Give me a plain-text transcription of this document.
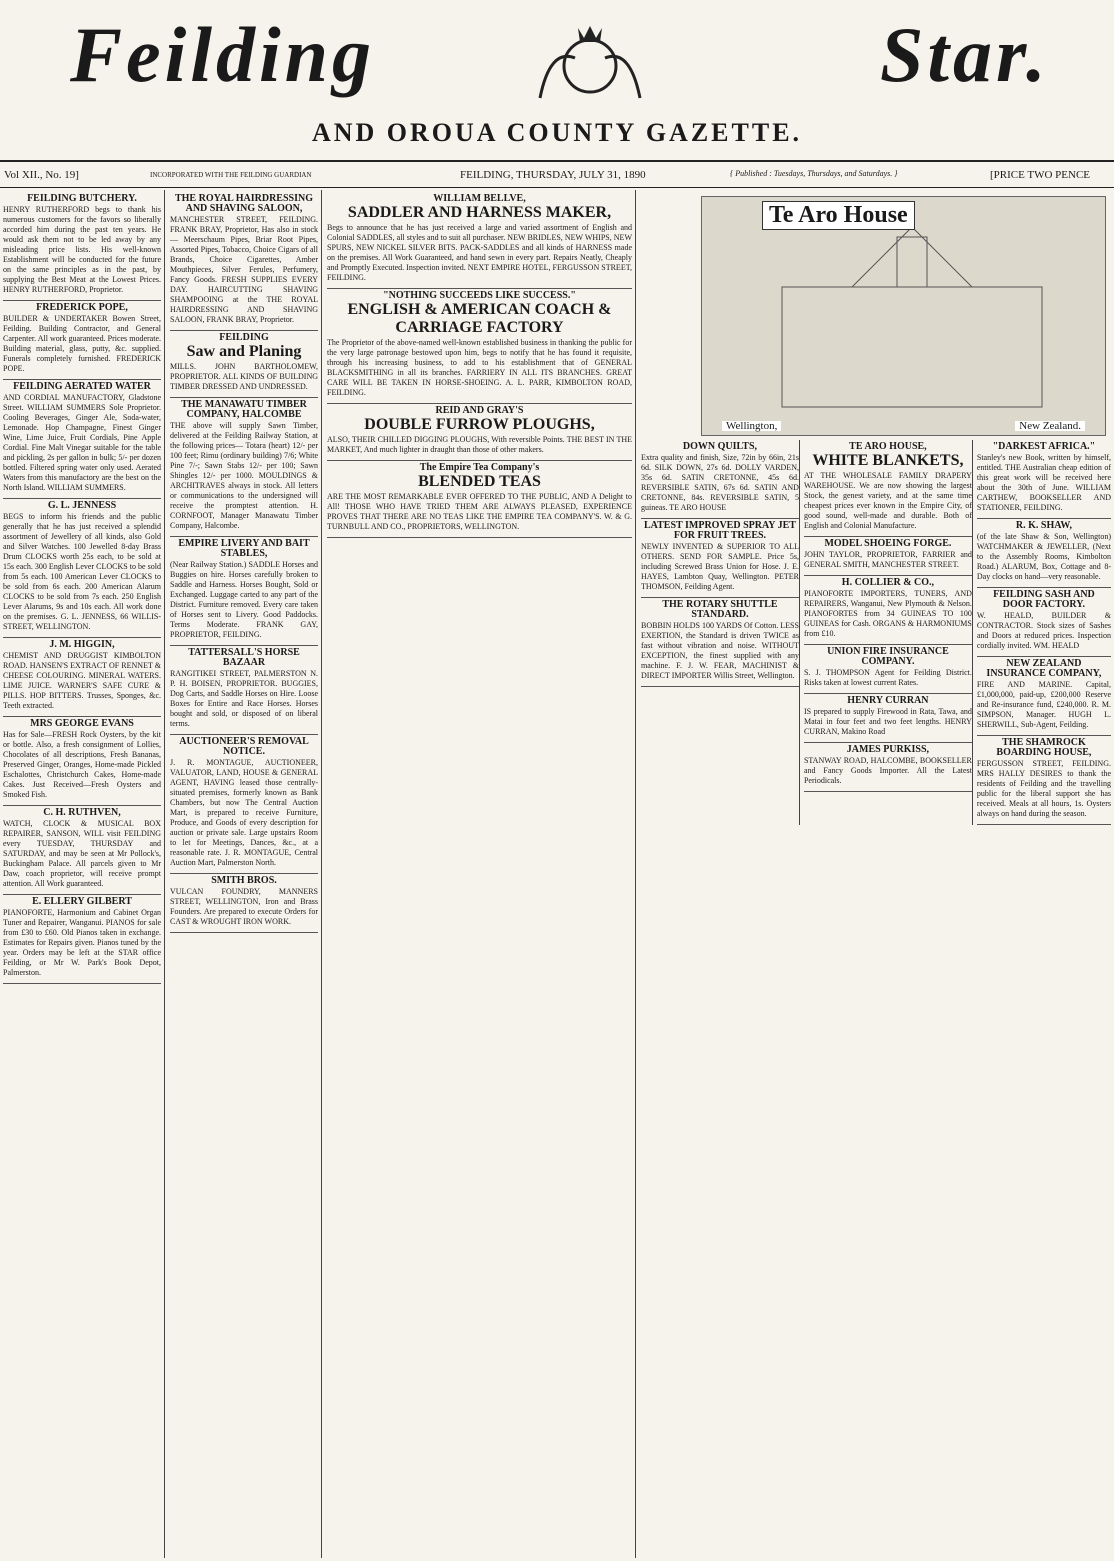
Feilding	Star.
AND OROUA COUNTY GAZETTE.
Vol XII., No. 19]	INCORPORATED WITH THE FEILDING GUARDIAN	FEILDING, THURSDAY, JULY 31, 1890	{ Published : Tuesdays, Thursdays, and Saturdays. }	[PRICE TWO PENCE
FEILDING BUTCHERY.

HENRY RUTHERFORD begs to thank his numerous customers for the favors so liberally accorded him during the past ten years. He would ask them not to be led away by any misleading price lists. His well-known Establishment will be conducted for the future on the same principles as in the past, by supplying the Best Meat at the Lowest Prices. HENRY RUTHERFORD, Proprietor.

FREDERICK POPE,

BUILDER & UNDERTAKER Bowen Street, Feilding. Building Contractor, and General Carpenter. All work guaranteed. Prices moderate. Building material, glass, putty, &c. supplied. Funerals completely furnished. FREDERICK POPE.

FEILDING AERATED WATER

AND CORDIAL MANUFACTORY, Gladstone Street. WILLIAM SUMMERS Sole Proprietor. Cooling Beverages, Ginger Ale, Soda-water, Lemonade. Hop Champagne, Finest Ginger Wine, Lime Juice, Fruit Cordials, Pine Apple Cordial. Fine Malt Vinegar suitable for the table and pickling, 2s per gallon in bulk; 5/- per dozen bottled. Filtered spring water only used. Aerated Waters from this manufactory are the best on the North Island. WILLIAM SUMMERS.

G. L. JENNESS

BEGS to inform his friends and the public generally that he has just received a splendid assortment of Jewellery of all kinds, also Gold and Silver Watches. 100 Jewelled 8-day Brass Drum CLOCKS worth 25s each, to be sold at 15s each. 300 English Lever CLOCKS to be sold from 5s each. 100 American Lever CLOCKS to be sold from 6s each. 200 American Alarum CLOCKS to be sold from 7s each. 250 English Lever Alarums, 9s and 10s each. All work done on the premises. G. L. JENNESS, 66 WILLIS-STREET, WELLINGTON.

J. M. HIGGIN,

CHEMIST AND DRUGGIST KIMBOLTON ROAD. HANSEN'S EXTRACT OF RENNET & CHEESE COLOURING. MINERAL WATERS. LIME JUICE. WARNER'S SAFE CURE & PILLS. HOP BITTERS. Trusses, Sponges, &c. Teeth extracted.

MRS GEORGE EVANS

Has for Sale—FRESH Rock Oysters, by the kit or bottle. Also, a fresh consignment of Lollies, Chocolates of all descriptions, Fresh Bananas, Preserved Ginger, Oranges, Home-made Pickled Eschalottes, Christchurch Cakes, Home-made Cakes. Just Received—Fresh Oysters and Smoked Fish.

C. H. RUTHVEN,

WATCH, CLOCK & MUSICAL BOX REPAIRER, SANSON, WILL visit FEILDING every TUESDAY, THURSDAY and SATURDAY, and may be seen at Mr Pollock's, Buckingham Palace. All parcels given to Mr Daw, coach proprietor, will receive prompt attention. All Work guaranteed.

E. ELLERY GILBERT

PIANOFORTE, Harmonium and Cabinet Organ Tuner and Repairer, Wanganui. PIANOS for sale from £30 to £60. Old Pianos taken in exchange. Estimates for Repairs given. Pianos tuned by the year. Orders may be left at the STAR office Feilding, or Mr W. Park's Book Depot, Palmerston.

THE ROYAL HAIRDRESSING AND SHAVING SALOON,

MANCHESTER STREET, FEILDING. FRANK BRAY, Proprietor, Has also in stock— Meerschaum Pipes, Briar Root Pipes, Assorted Pipes, Tobacco, Choice Cigars of all Brands, Choice Cigarettes, Amber Mouthpieces, Silver Ferules, Perfumery, Fancy Goods. FRESH SUPPLIES EVERY DAY. HAIRCUTTING SHAVING SHAMPOOING at the THE ROYAL HAIRDRESSING AND SHAVING SALOON, FRANK BRAY, Proprietor.

FEILDING
Saw and Planing

MILLS. JOHN BARTHOLOMEW, PROPRIETOR. ALL KINDS OF BUILDING TIMBER DRESSED AND UNDRESSED.

THE MANAWATU TIMBER COMPANY, HALCOMBE

THE above will supply Sawn Timber, delivered at the Feilding Railway Station, at the following prices— Totara (heart) 12/- per 100 feet; Rimu (ordinary building) 7/6; White Pine 7/-; Sawn Stabs 12/- per 100; Sawn Shingles 12/- per 1000. MOULDINGS & ARCHITRAVES always in stock. All letters or communications to the undersigned will receive the promptest attention. H. CORNFOOT, Manager Manawatu Timber Company, Halcombe.

EMPIRE LIVERY AND BAIT STABLES,

(Near Railway Station.) SADDLE Horses and Buggies on hire. Horses carefully broken to Saddle and Harness. Horses Bought, Sold or Exchanged. Luggage carted to any part of the District. Furniture removed. Every care taken of Horses sent to Livery. Good Paddocks. Terms Moderate. FRANK GAY, PROPRIETOR, FEILDING.

TATTERSALL'S HORSE BAZAAR

RANGITIKEI STREET, PALMERSTON N. P. H. BOISEN, PROPRIETOR. BUGGIES, Dog Carts, and Saddle Horses on Hire. Loose Boxes for Entire and Race Horses. Horses bought and sold, or disposed of on liberal terms.

AUCTIONEER'S REMOVAL NOTICE.

J. R. MONTAGUE, AUCTIONEER, VALUATOR, LAND, HOUSE & GENERAL AGENT, HAVING leased those centrally-situated premises, formerly known as Bank Chambers, but now The Central Auction Mart, is prepared to receive Furniture, Produce, and Goods of every description for auction or private sale. Large upstairs Room to let for Meetings, Dances, &c., at a reasonable rate. J. R. MONTAGUE, Central Auction Mart, Palmerston North.

SMITH BROS.

VULCAN FOUNDRY, MANNERS STREET, WELLINGTON, Iron and Brass Founders. Are prepared to execute Orders for CAST & WROUGHT IRON WORK.

WILLIAM BELLVE,
SADDLER AND HARNESS MAKER,

Begs to announce that he has just received a large and varied assortment of English and Colonial SADDLES, all styles and to suit all purchaser. NEW BRIDLES, NEW WHIPS, NEW SPURS, NEW NICKEL SILVER BITS. PACK-SADDLES and all kinds of HARNESS made on the premises. All Work Guaranteed, and hand sewn in every part. Repairs Neatly, Cheaply and Promptly Executed. Inspection invited. NEXT EMPIRE HOTEL, FERGUSSON STREET, FEILDING.

"NOTHING SUCCEEDS LIKE SUCCESS."
ENGLISH & AMERICAN COACH & CARRIAGE FACTORY

The Proprietor of the above-named well-known established business in thanking the public for the very large patronage bestowed upon him, begs to notify that he has found it requisite, through his increasing business, to add to his establishment that of GENERAL BLACKSMITHING in all its branches. FARRIERY IN ALL ITS BRANCHES. GREAT CARE WILL BE TAKEN IN HORSE-SHOEING. A. L. PARR, KIMBOLTON ROAD, FEILDING.

REID AND GRAY'S
DOUBLE FURROW PLOUGHS,

ALSO, THEIR CHILLED DIGGING PLOUGHS, With reversible Points. THE BEST IN THE MARKET, And much lighter in draught than those of other makers.

The Empire Tea Company's
BLENDED TEAS

ARE THE MOST REMARKABLE EVER OFFERED TO THE PUBLIC, AND A Delight to All! THOSE WHO HAVE TRIED THEM ARE ALWAYS PLEASED, EXPERIENCE PROVES THAT THERE ARE NO TEAS LIKE THE EMPIRE TEA COMPANY'S. W. & G. TURNBULL AND CO., PROPRIETORS, WELLINGTON.

Te Aro House
Wellington,	New Zealand.
DOWN QUILTS,

Extra quality and finish, Size, 72in by 66in, 21s 6d. SILK DOWN, 27s 6d. DOLLY VARDEN, 35s 6d. SATIN CRETONNE, 45s 6d. REVERSIBLE SATIN, 67s 6d. SATIN AND CRETONNE, 84s. REVERSIBLE SATIN, 5 guineas. TE ARO HOUSE

LATEST IMPROVED SPRAY JET FOR FRUIT TREES.

NEWLY INVENTED & SUPERIOR TO ALL OTHERS. SEND FOR SAMPLE. Price 5s, including Screwed Brass Union for Hose. J. E. HAYES, Lambton Quay, Wellington. PETER THOMSON, Feilding Agent.

THE ROTARY SHUTTLE STANDARD.

BOBBIN HOLDS 100 YARDS Of Cotton. LESS EXERTION, the Standard is driven TWICE as fast without vibration and noise. WITHOUT EXCEPTION, the finest supplied with any machine. F. J. W. FEAR, MACHINIST & DIRECT IMPORTER Willis Street, Wellington.

TE ARO HOUSE,
WHITE BLANKETS,

AT THE WHOLESALE FAMILY DRAPERY WAREHOUSE. We are now showing the largest Stock, the genest variety, and at the same time cheapest prices ever known in the Empire City, of good sound, well-made and durable. Both of English and Colonial Manufacture.

MODEL SHOEING FORGE.

JOHN TAYLOR, PROPRIETOR, FARRIER and GENERAL SMITH, MANCHESTER STREET.

H. COLLIER & CO.,

PIANOFORTE IMPORTERS, TUNERS, AND REPAIRERS, Wanganui, New Plymouth & Nelson. PIANOFORTES from 34 GUINEAS TO 100 GUINEAS for Cash. ORGANS & HARMONIUMS from £10.

UNION FIRE INSURANCE COMPANY.

S. J. THOMPSON Agent for Feilding District. Risks taken at lowest current Rates.

HENRY CURRAN

IS prepared to supply Firewood in Rata, Tawa, and Matai in four feet and two feet lengths. HENRY CURRAN, Makino Road

JAMES PURKISS,

STANWAY ROAD, HALCOMBE, BOOKSELLER and Fancy Goods Importer. All the Latest Periodicals.

"DARKEST AFRICA."

Stanley's new Book, written by himself, entitled. THE Australian cheap edition of this great work will be received here about the 30th of June. WILLIAM CARTHEW, BOOKSELLER AND STATIONER, FEILDING.

R. K. SHAW,

(of the late Shaw & Son, Wellington) WATCHMAKER & JEWELLER, (Next to the Assembly Rooms, Kimbolton Road.) ALARUM, Box, Cottage and 8-Day clocks on hand—very reasonable.

FEILDING SASH AND DOOR FACTORY.

W. HEALD, BUILDER & CONTRACTOR. Stock sizes of Sashes and Doors at reduced prices. Inspection cordially invited. WM. HEALD

NEW ZEALAND INSURANCE COMPANY,

FIRE AND MARINE. Capital, £1,000,000, paid-up, £200,000 Reserve and Re-insurance fund, £240,000. R. M. SIMPSON, Manager. HUGH L. SHERWILL, Sub-Agent, Feilding.

THE SHAMROCK BOARDING HOUSE,

FERGUSSON STREET, FEILDING. MRS HALLY DESIRES to thank the residents of Feilding and the travelling public for the liberal support she has received. Meals at all hours, 1s. Oysters always on hand during the season.
